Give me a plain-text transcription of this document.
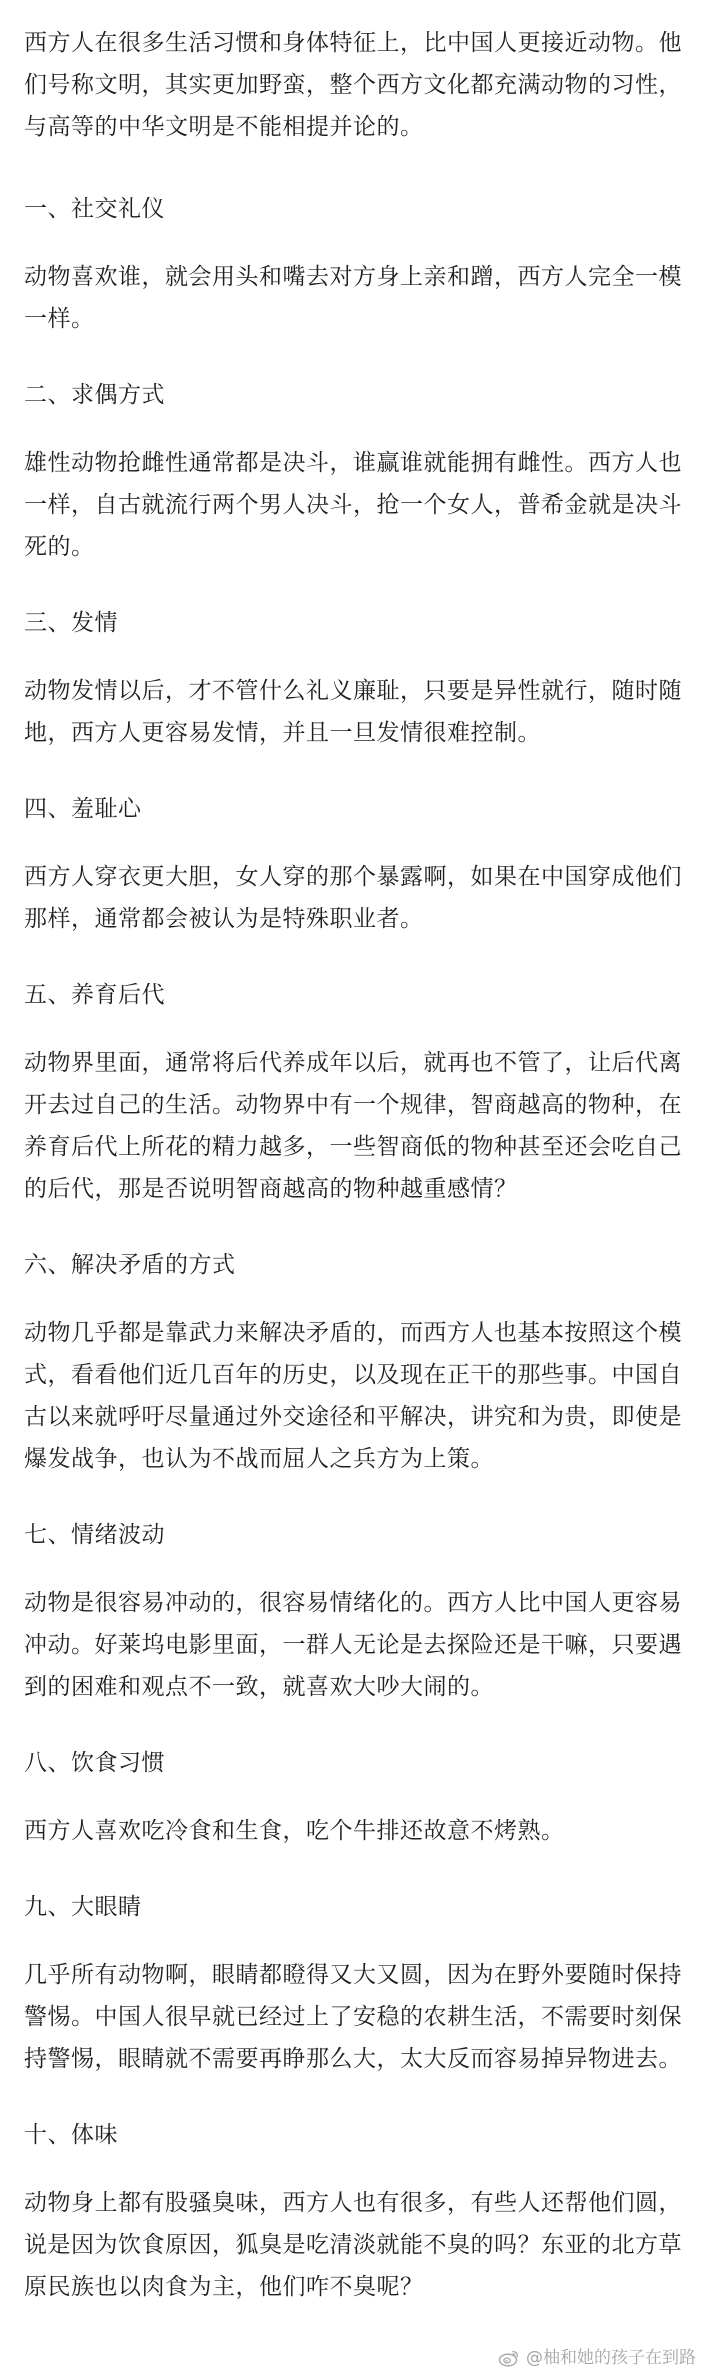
西方人在很多生活习惯和身体特征上，比中国人更接近动物。他们号称文明，其实更加野蛮，整个西方文化都充满动物的习性，与高等的中华文明是不能相提并论的。

一、社交礼仪

动物喜欢谁，就会用头和嘴去对方身上亲和蹭，西方人完全一模一样。

二、求偶方式

雄性动物抢雌性通常都是决斗，谁赢谁就能拥有雌性。西方人也一样，自古就流行两个男人决斗，抢一个女人，普希金就是决斗死的。

三、发情

动物发情以后，才不管什么礼义廉耻，只要是异性就行，随时随地，西方人更容易发情，并且一旦发情很难控制。

四、羞耻心

西方人穿衣更大胆，女人穿的那个暴露啊，如果在中国穿成他们那样，通常都会被认为是特殊职业者。

五、养育后代

动物界里面，通常将后代养成年以后，就再也不管了，让后代离开去过自己的生活。动物界中有一个规律，智商越高的物种，在养育后代上所花的精力越多，一些智商低的物种甚至还会吃自己的后代，那是否说明智商越高的物种越重感情？

六、解决矛盾的方式

动物几乎都是靠武力来解决矛盾的，而西方人也基本按照这个模式，看看他们近几百年的历史，以及现在正干的那些事。中国自古以来就呼吁尽量通过外交途径和平解决，讲究和为贵，即使是爆发战争，也认为不战而屈人之兵方为上策。

七、情绪波动

动物是很容易冲动的，很容易情绪化的。西方人比中国人更容易冲动。好莱坞电影里面，一群人无论是去探险还是干嘛，只要遇到的困难和观点不一致，就喜欢大吵大闹的。

八、饮食习惯

西方人喜欢吃冷食和生食，吃个牛排还故意不烤熟。

九、大眼睛

几乎所有动物啊，眼睛都瞪得又大又圆，因为在野外要随时保持警惕。中国人很早就已经过上了安稳的农耕生活，不需要时刻保持警惕，眼睛就不需要再睁那么大，太大反而容易掉异物进去。

十、体味

动物身上都有股骚臭味，西方人也有很多，有些人还帮他们圆，说是因为饮食原因，狐臭是吃清淡就能不臭的吗？东亚的北方草原民族也以肉食为主，他们咋不臭呢？

@柚和她的孩子在到路
